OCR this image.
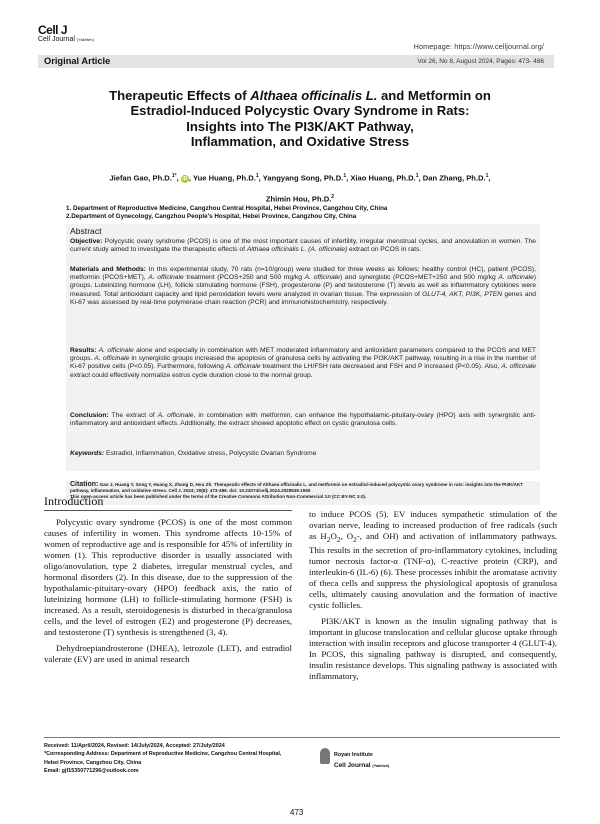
Cell J
Cell Journal (Yakhteh)
Homepage: https://www.celljournal.org/
Original Article	Vol 26, No 8, August 2024, Pages: 473- 486
Therapeutic Effects of Althaea officinalis L. and Metformin on
Estradiol-Induced Polycystic Ovary Syndrome in Rats:
Insights into The PI3K/AKT Pathway,
Inflammation, and Oxidative Stress
Jiefan Gao, Ph.D.$^{1*}$, iD , Yue Huang, Ph.D.$^1$, Yangyang Song, Ph.D.$^1$, Xiao Huang, Ph.D.$^1$, Dan Zhang, Ph.D.$^1$,
Zhimin Hou, Ph.D.$^2$
1. Department of Reproductive Medicine, Cangzhou Central Hospital, Hebei Province, Cangzhou City, China
2.Department of Gynecology, Cangzhou People's Hospital, Hebei Province, Cangzhou City, China
Abstract
Objective: Polycystic ovary syndrome (PCOS) is one of the most important causes of infertility, irregular menstrual cycles, and anovulation in women. The current study aimed to investigate the therapeutic effects of Althaea officinalis L. (A. officinale) extract on PCOS in rats.
Materials and Methods: In this experimental study, 70 rats (n=10/group) were studied for three weeks as follows; healthy control (HC), patient (PCOS), metformin (PCOS+MET), A. officinale treatment (PCOS+250 and 500 mg/kg A. officinale) and synergistic (PCOS+MET+250 and 500 mg/kg A. officinale) groups. Luteinizing hormone (LH), follicle stimulating hormone (FSH), progesterone (P) and testosterone (T) levels as well as inflammatory cytokines were measured. Total antioxidant capacity and lipid peroxidation levels were analyzed in ovarian tissue. The expression of GLUT-4, AKT, PI3K, PTEN genes and Ki-67 was assessed by real-time polymerase chain reaction (PCR) and immunohistochemistry, respectively.
Results: A. officinale alone and especially in combination with MET moderated inflammatory and antioxidant parameters compared to the PCOS and MET groups. A. officinale in synergistic groups increased the apoptosis of granulosa cells by activating the PI3K/AKT pathway, resulting in a rise in the number of Ki-67 positive cells (P<0.05). Furthermore, following A. officinale treatment the LH/FSH rate decreased and FSH and P increased (P<0.05). Also, A. officinale extract could effectively normalize estrus cycle duration close to the normal group.
Conclusion: The extract of A. officinale, in combination with metformin, can enhance the hypothalamic-pituitary-ovary (HPO) axis with synergistic anti-inflammatory and antioxidant effects. Additionally, the extract showed apoptotic effect on cystic granulosa cells.
Keywords: Estradiol, Inflammation, Oxidative stress, Polycystic Ovarian Syndrome
Citation: Gao J, Huang Y, Song Y, Huang X, Zhang D, Hou Zh. Therapeutic effects of Althaea officinalis L. and metformin on estradiol-induced polycystic ovary syndrome in rats: insights into the PI3K/AKT pathway, inflammation, and oxidative stress. Cell J. 2024; 26(8): 473-486. doi: 10.22074/cellj.2024.2028539.1550
This open-access article has been published under the terms of the Creative Commons Attribution Non-Commercial 3.0 (CC BY-NC 3.0).
Introduction

Polycystic ovary syndrome (PCOS) is one of the most common causes of infertility in women. This syndrome affects 10-15% of women of reproductive age and is responsible for 45% of infertility in women (1). This reproductive disorder is usually associated with oligo/anovulation, type 2 diabetes, irregular menstrual cycles, and hormonal disorders (2). In this disease, due to the suppression of the hypothalamic-pituitary-ovary (HPO) feedback axis, the ratio of luteinizing hormone (LH) to follicle-stimulating hormone (FSH) is increased. As a result, steroidogenesis is disturbed in theca/granulosa cells, and the level of estrogen (E2) and progesterone (P) decreases, and testosterone (T) synthesis is strengthened (3, 4).

Dehydroepiandrosterone (DHEA), letrozole (LET), and estradiol valerate (EV) are used in animal research

to induce PCOS (5). EV induces sympathetic stimulation of the ovarian nerve, leading to increased production of free radicals (such as $H_2O_2$, $O_2-$, and OH) and activation of inflammatory pathways. This results in the secretion of pro-inflammatory cytokines, including tumor necrosis factor-α (TNF-α), C-reactive protein (CRP), and interleukin-6 (IL-6) (6). These processes inhibit the aromatase activity of theca cells and suppress the physiological apoptosis of granulosa cells, ultimately causing anovulation and the formation of inactive cystic follicles.

PI3K/AKT is known as the insulin signaling pathway that is important in glucose translocation and cellular glucose uptake through interaction with insulin receptors and glucose transporter 4 (GLUT-4). In PCOS, this signaling pathway is disrupted, and consequently, insulin resistance develops. This signaling pathway is associated with inflammatory,

Received: 11/April/2024, Revised: 14/July/2024, Accepted: 27/July/2024
*Corresponding Address: Department of Reproductive Medicine, Cangzhou Central Hospital, Hebei Province, Cangzhou City, China
Email: gjf15350771296@outlook.com
Royan Institute
Cell Journal (Yakhteh)
473
